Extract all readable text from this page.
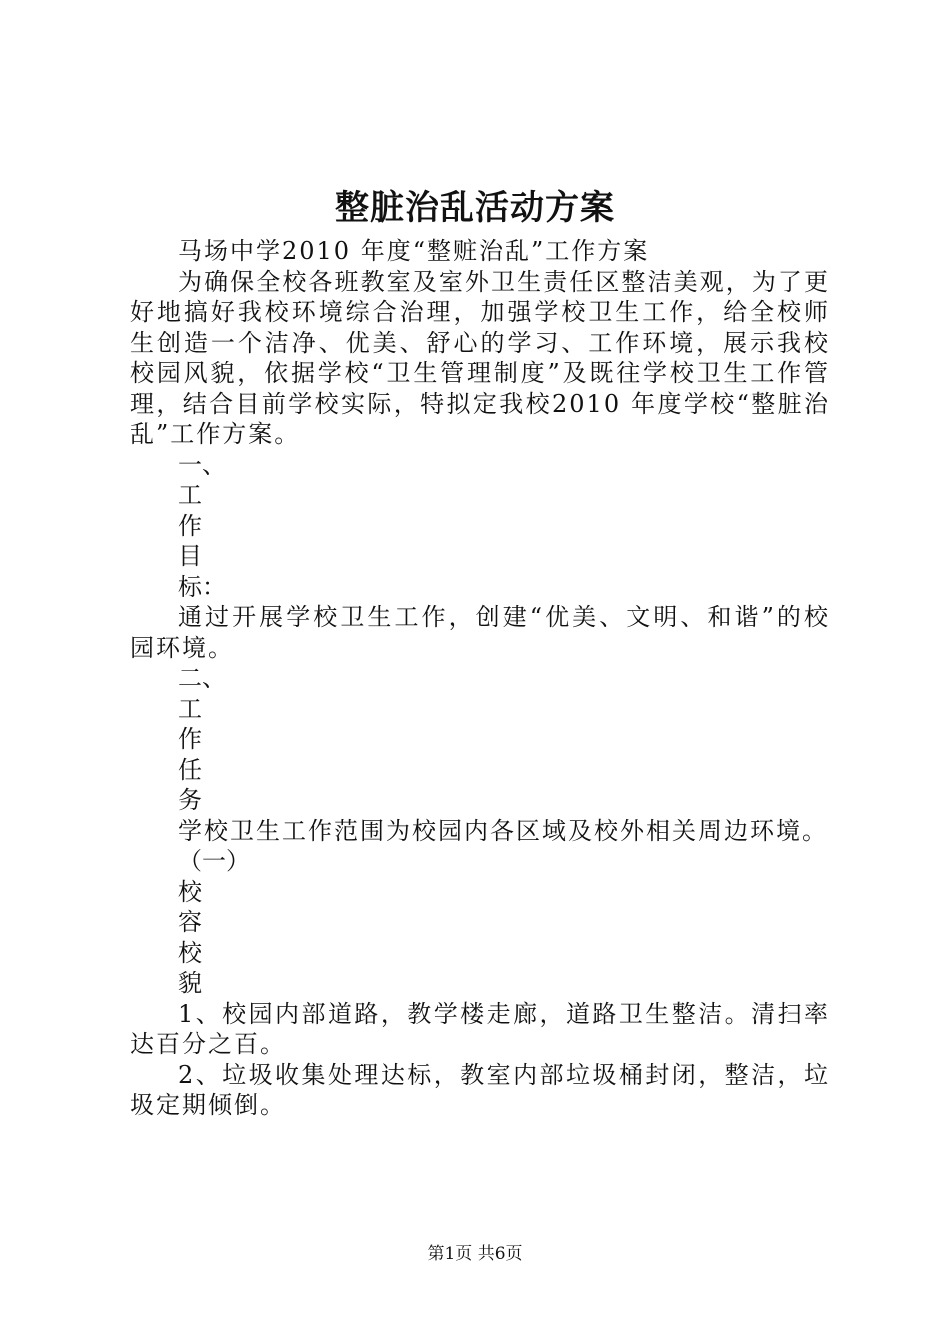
整脏治乱活动方案

马场中学2010 年度“整赃治乱”工作方案

为确保全校各班教室及室外卫生责任区整洁美观，为了更好地搞好我校环境综合治理，加强学校卫生工作，给全校师生创造一个洁净、优美、舒心的学习、工作环境，展示我校校园风貌，依据学校“卫生管理制度”及既往学校卫生工作管理，结合目前学校实际，特拟定我校2010 年度学校“整脏治乱”工作方案。

一、工作目标：

通过开展学校卫生工作，创建“优美、文明、和谐”的校园环境。

二、工作任务

学校卫生工作范围为校园内各区域及校外相关周边环境。

（一）校容校貌

1、校园内部道路，教学楼走廊，道路卫生整洁。清扫率达百分之百。

2、垃圾收集处理达标，教室内部垃圾桶封闭，整洁，垃圾定期倾倒。

第1页 共6页
